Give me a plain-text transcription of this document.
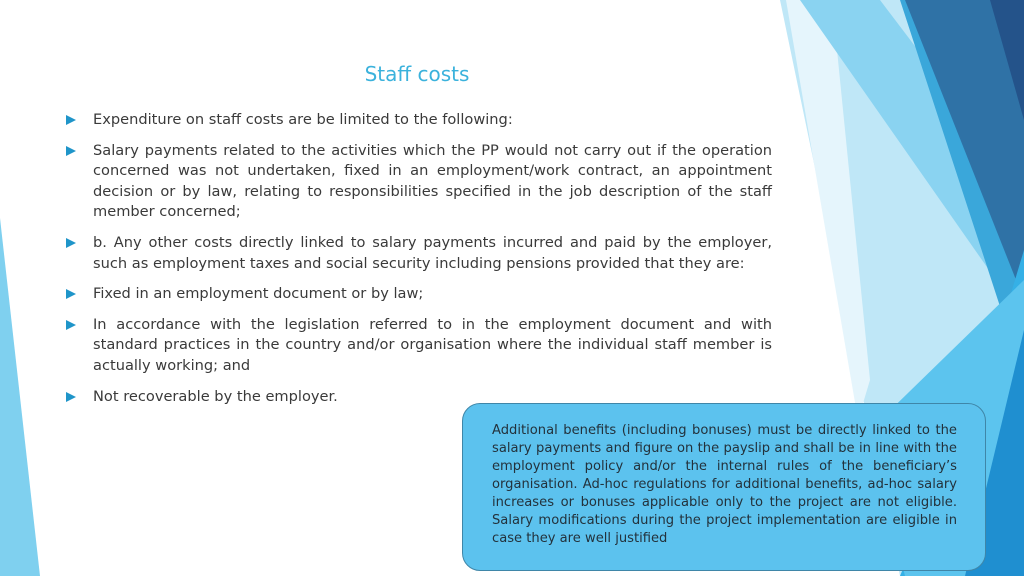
Staff costs
Expenditure on staff costs are be limited to the following:
Salary payments related to the activities which the PP would not carry out if the operation concerned was not undertaken, fixed in an employment/work contract, an appointment decision or by law, relating to responsibilities specified in the job description of the staff member concerned;
b. Any other costs directly linked to salary payments incurred and paid by the employer, such as employment taxes and social security including pensions provided that they are:
Fixed in an employment document or by law;
In accordance with the legislation referred to in the employment document and with standard practices in the country and/or organisation where the individual staff member is actually working; and
Not recoverable by the employer.
Additional benefits (including bonuses) must be directly linked to the salary payments and figure on the payslip and shall be in line with the employment policy and/or the internal rules of the beneficiary’s organisation. Ad-hoc regulations for additional benefits, ad-hoc salary increases or bonuses applicable only to the project are not eligible. Salary modifications during the project implementation are eligible in case they are well justified
